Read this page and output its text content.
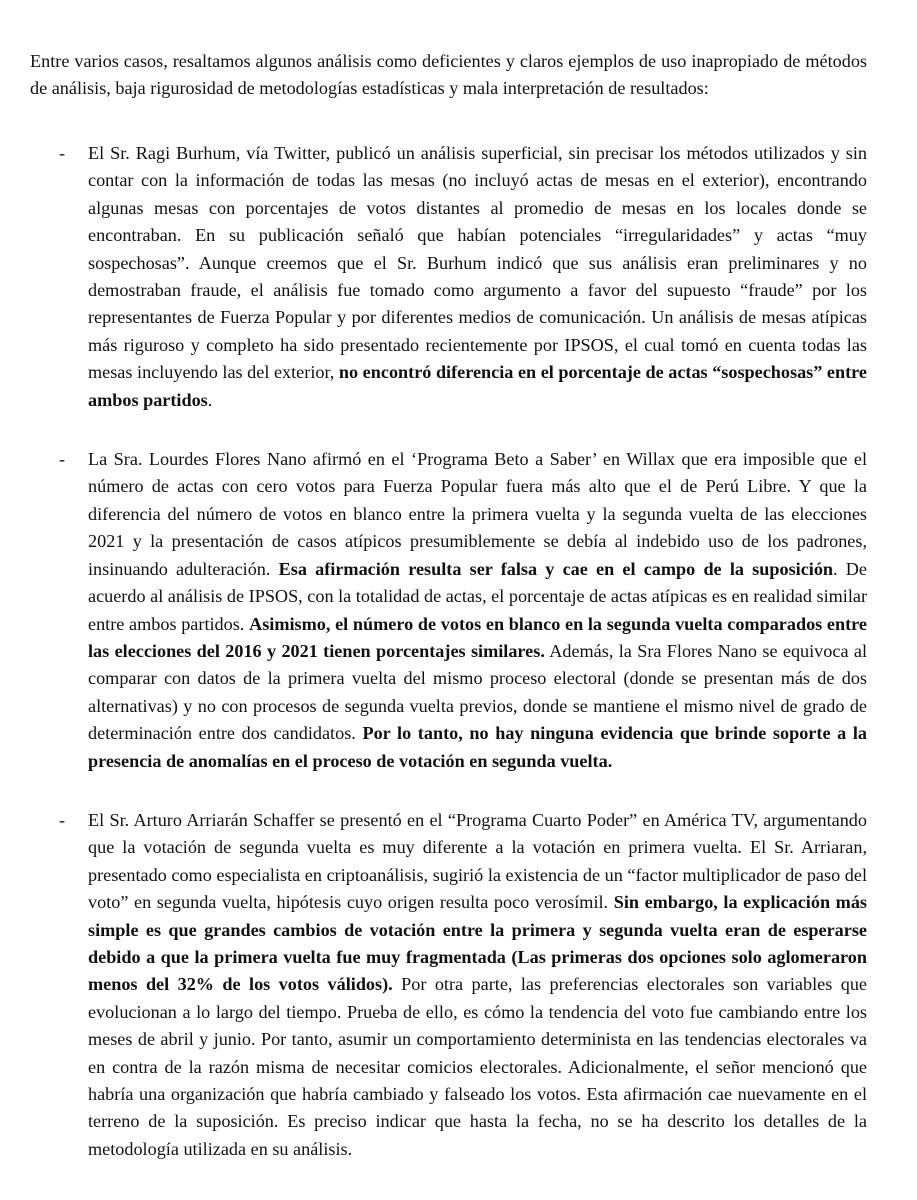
Entre varios casos, resaltamos algunos análisis como deficientes y claros ejemplos de uso inapropiado de métodos de análisis, baja rigurosidad de metodologías estadísticas y mala interpretación de resultados:

- El Sr. Ragi Burhum, vía Twitter, publicó un análisis superficial, sin precisar los métodos utilizados y sin contar con la información de todas las mesas (no incluyó actas de mesas en el exterior), encontrando algunas mesas con porcentajes de votos distantes al promedio de mesas en los locales donde se encontraban. En su publicación señaló que habían potenciales “irregularidades” y actas “muy sospechosas”. Aunque creemos que el Sr. Burhum indicó que sus análisis eran preliminares y no demostraban fraude, el análisis fue tomado como argumento a favor del supuesto “fraude” por los representantes de Fuerza Popular y por diferentes medios de comunicación. Un análisis de mesas atípicas más riguroso y completo ha sido presentado recientemente por IPSOS, el cual tomó en cuenta todas las mesas incluyendo las del exterior, no encontró diferencia en el porcentaje de actas “sospechosas” entre ambos partidos.
- La Sra. Lourdes Flores Nano afirmó en el ‘Programa Beto a Saber’ en Willax que era imposible que el número de actas con cero votos para Fuerza Popular fuera más alto que el de Perú Libre. Y que la diferencia del número de votos en blanco entre la primera vuelta y la segunda vuelta de las elecciones 2021 y la presentación de casos atípicos presumiblemente se debía al indebido uso de los padrones, insinuando adulteración. Esa afirmación resulta ser falsa y cae en el campo de la suposición. De acuerdo al análisis de IPSOS, con la totalidad de actas, el porcentaje de actas atípicas es en realidad similar entre ambos partidos. Asimismo, el número de votos en blanco en la segunda vuelta comparados entre las elecciones del 2016 y 2021 tienen porcentajes similares. Además, la Sra Flores Nano se equivoca al comparar con datos de la primera vuelta del mismo proceso electoral (donde se presentan más de dos alternativas) y no con procesos de segunda vuelta previos, donde se mantiene el mismo nivel de grado de determinación entre dos candidatos. Por lo tanto, no hay ninguna evidencia que brinde soporte a la presencia de anomalías en el proceso de votación en segunda vuelta.
- El Sr. Arturo Arriarán Schaffer se presentó en el “Programa Cuarto Poder” en América TV, argumentando que la votación de segunda vuelta es muy diferente a la votación en primera vuelta. El Sr. Arriaran, presentado como especialista en criptoanálisis, sugirió la existencia de un “factor multiplicador de paso del voto” en segunda vuelta, hipótesis cuyo origen resulta poco verosímil. Sin embargo, la explicación más simple es que grandes cambios de votación entre la primera y segunda vuelta eran de esperarse debido a que la primera vuelta fue muy fragmentada (Las primeras dos opciones solo aglomeraron menos del 32% de los votos válidos). Por otra parte, las preferencias electorales son variables que evolucionan a lo largo del tiempo. Prueba de ello, es cómo la tendencia del voto fue cambiando entre los meses de abril y junio. Por tanto, asumir un comportamiento determinista en las tendencias electorales va en contra de la razón misma de necesitar comicios electorales. Adicionalmente, el señor mencionó que habría una organización que habría cambiado y falseado los votos. Esta afirmación cae nuevamente en el terreno de la suposición. Es preciso indicar que hasta la fecha, no se ha descrito los detalles de la metodología utilizada en su análisis.
